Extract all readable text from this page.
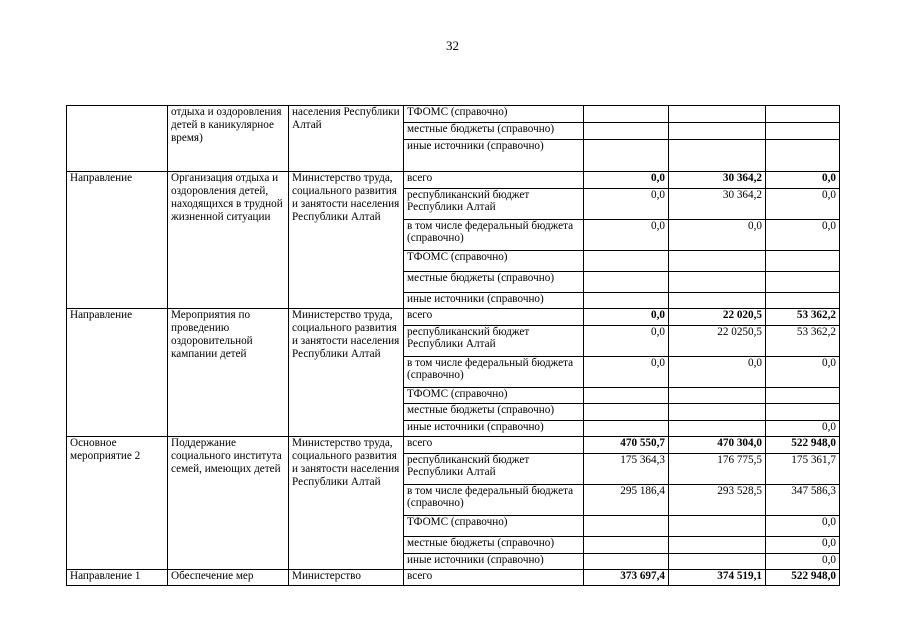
32
	отдыха и оздоровления детей в каникулярное время)	населения Республики Алтай	ТФОМС (справочно)			
			местные бюджеты (справочно)			
			иные источники (справочно)			
Направление	Организация отдыха и оздоровления детей, находящихся в трудной жизненной ситуации	Министерство труда, социального развития и занятости населения Республики Алтай	всего	0,0	30 364,2	0,0
			республиканский бюджет Республики Алтай	0,0	30 364,2	0,0
			в том числе федеральный бюджета (справочно)	0,0	0,0	0,0
			ТФОМС (справочно)			
			местные бюджеты (справочно)			
			иные источники (справочно)			
Направление	Мероприятия по проведению оздоровительной кампании детей	Министерство труда, социального развития и занятости населения Республики Алтай	всего	0,0	22 020,5	53 362,2
			республиканский бюджет Республики Алтай	0,0	22 0250,5	53 362,2
			в том числе федеральный бюджета (справочно)	0,0	0,0	0,0
			ТФОМС (справочно)			
			местные бюджеты (справочно)			
			иные источники (справочно)			0,0
Основное мероприятие 2	Поддержание социального института семей, имеющих детей	Министерство труда, социального развития и занятости населения Республики Алтай	всего	470 550,7	470 304,0	522 948,0
			республиканский бюджет Республики Алтай	175 364,3	176 775,5	175 361,7
			в том числе федеральный бюджета (справочно)	295 186,4	293 528,5	347 586,3
			ТФОМС (справочно)			0,0
			местные бюджеты (справочно)			0,0
			иные источники (справочно)			0,0
Направление 1	Обеспечение мер	Министерство	всего	373 697,4	374 519,1	522 948,0
